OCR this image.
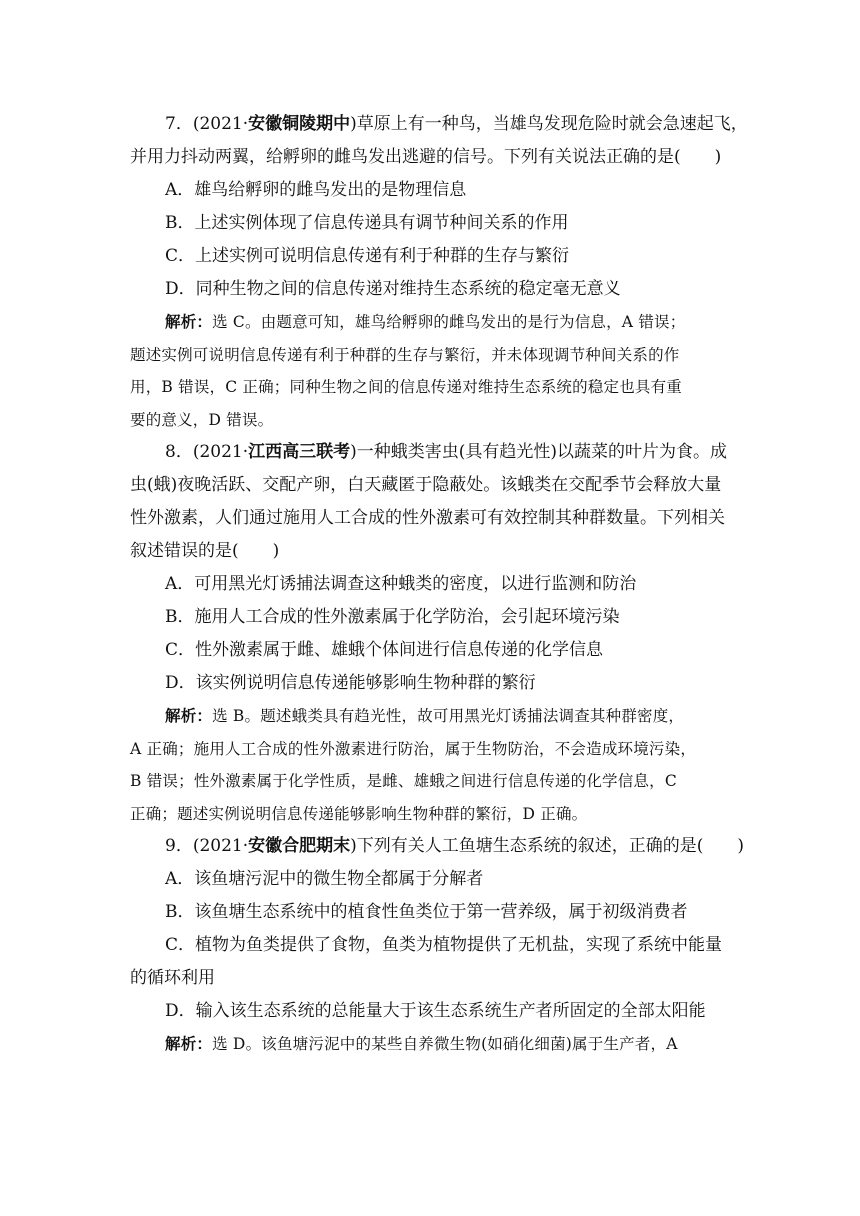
7．(2021·安徽铜陵期中)草原上有一种鸟，当雄鸟发现危险时就会急速起飞，

并用力抖动两翼，给孵卵的雌鸟发出逃避的信号。下列有关说法正确的是(　　)

A．雄鸟给孵卵的雌鸟发出的是物理信息

B．上述实例体现了信息传递具有调节种间关系的作用

C．上述实例可说明信息传递有利于种群的生存与繁衍

D．同种生物之间的信息传递对维持生态系统的稳定毫无意义

解析：选 C。由题意可知，雄鸟给孵卵的雌鸟发出的是行为信息，A 错误；

题述实例可说明信息传递有利于种群的生存与繁衍，并未体现调节种间关系的作

用，B 错误，C 正确；同种生物之间的信息传递对维持生态系统的稳定也具有重

要的意义，D 错误。

8．(2021·江西高三联考)一种蛾类害虫(具有趋光性)以蔬菜的叶片为食。成

虫(蛾)夜晚活跃、交配产卵，白天藏匿于隐蔽处。该蛾类在交配季节会释放大量

性外激素，人们通过施用人工合成的性外激素可有效控制其种群数量。下列相关

叙述错误的是(　　)

A．可用黑光灯诱捕法调查这种蛾类的密度，以进行监测和防治

B．施用人工合成的性外激素属于化学防治，会引起环境污染

C．性外激素属于雌、雄蛾个体间进行信息传递的化学信息

D．该实例说明信息传递能够影响生物种群的繁衍

解析：选 B。题述蛾类具有趋光性，故可用黑光灯诱捕法调查其种群密度，

A 正确；施用人工合成的性外激素进行防治，属于生物防治，不会造成环境污染，

B 错误；性外激素属于化学性质，是雌、雄蛾之间进行信息传递的化学信息，C

正确；题述实例说明信息传递能够影响生物种群的繁衍，D 正确。

9．(2021·安徽合肥期末)下列有关人工鱼塘生态系统的叙述，正确的是(　　)

A．该鱼塘污泥中的微生物全都属于分解者

B．该鱼塘生态系统中的植食性鱼类位于第一营养级，属于初级消费者

C．植物为鱼类提供了食物，鱼类为植物提供了无机盐，实现了系统中能量

的循环利用

D．输入该生态系统的总能量大于该生态系统生产者所固定的全部太阳能

解析：选 D。该鱼塘污泥中的某些自养微生物(如硝化细菌)属于生产者，A
